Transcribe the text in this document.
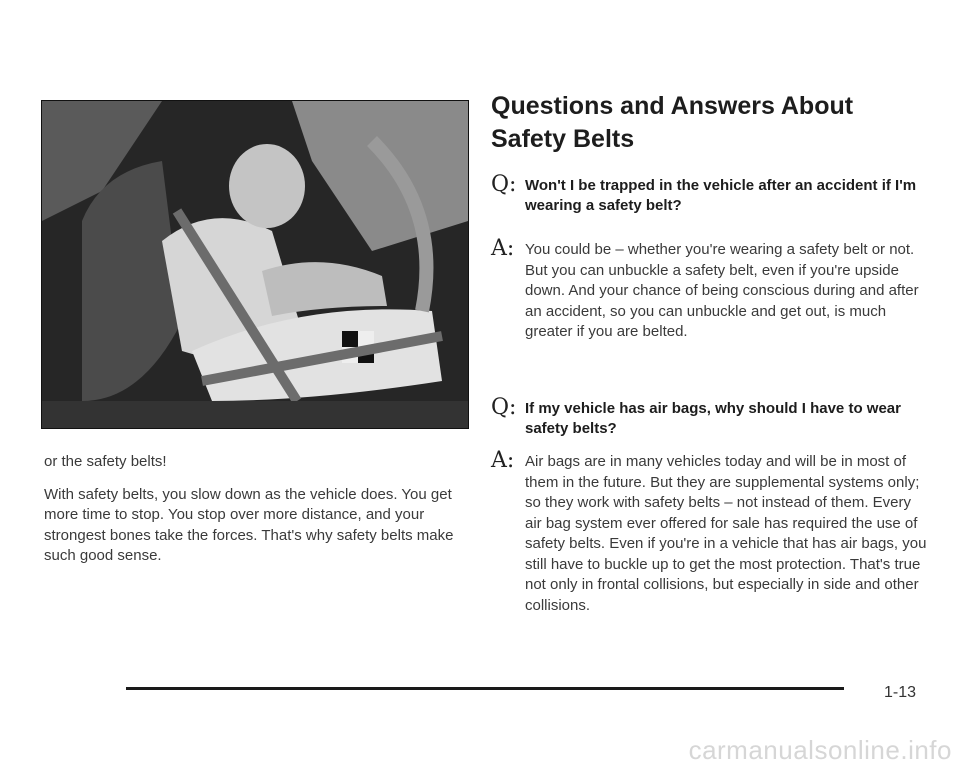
or the safety belts!

With safety belts, you slow down as the vehicle does. You get more time to stop. You stop over more distance, and your strongest bones take the forces. That's why safety belts make such good sense.

Questions and Answers About Safety Belts
Q: Won't I be trapped in the vehicle after an accident if I'm wearing a safety belt?
A: You could be – whether you're wearing a safety belt or not. But you can unbuckle a safety belt, even if you're upside down. And your chance of being conscious during and after an accident, so you can unbuckle and get out, is much greater if you are belted.
Q: If my vehicle has air bags, why should I have to wear safety belts?
A: Air bags are in many vehicles today and will be in most of them in the future. But they are supplemental systems only; so they work with safety belts – not instead of them. Every air bag system ever offered for sale has required the use of safety belts. Even if you're in a vehicle that has air bags, you still have to buckle up to get the most protection. That's true not only in frontal collisions, but especially in side and other collisions.
1-13
carmanualsonline.info
